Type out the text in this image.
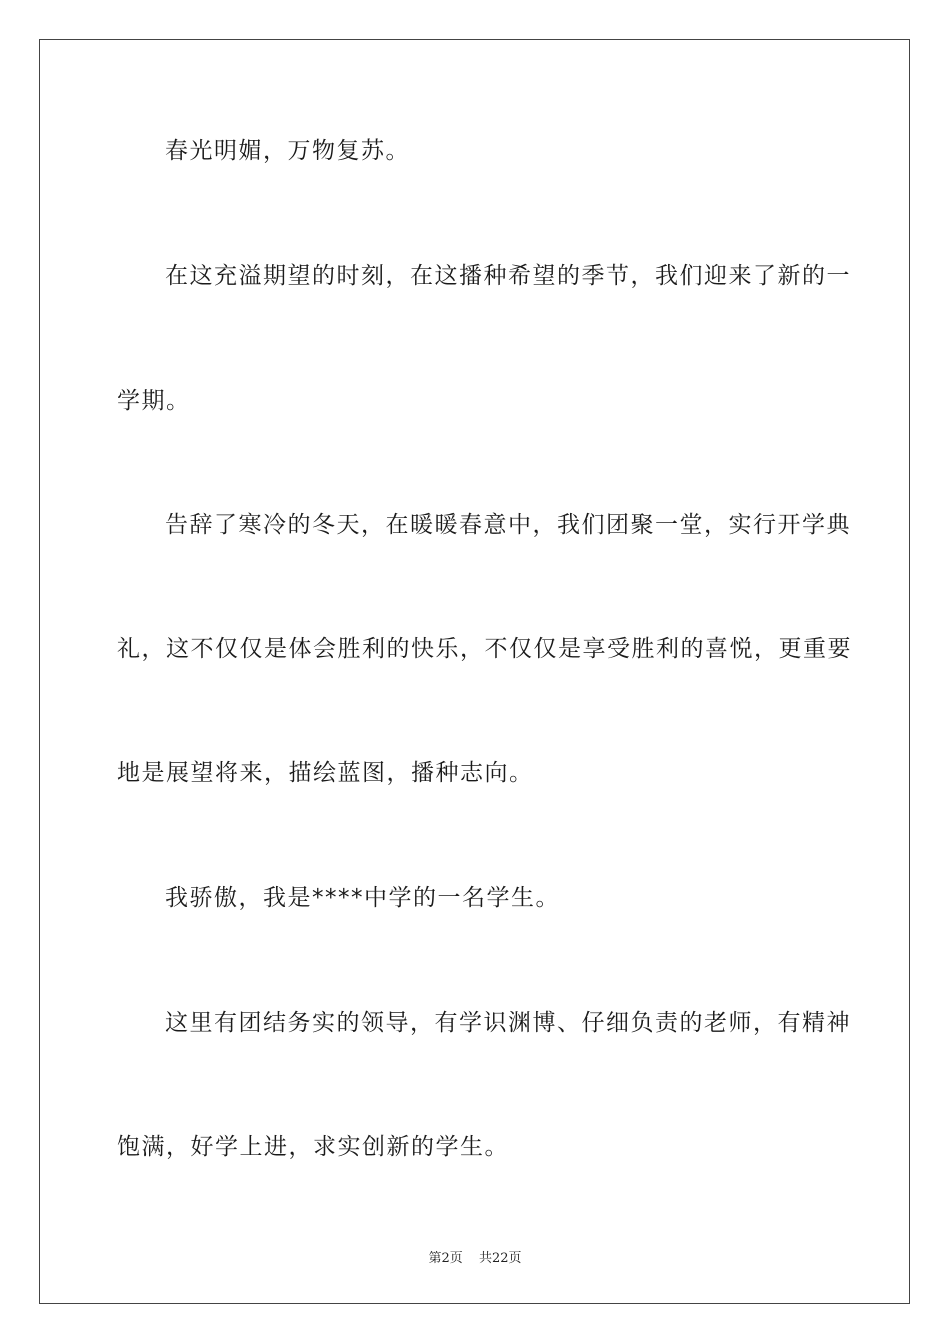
春光明媚，万物复苏。
在这充溢期望的时刻，在这播种希望的季节，我们迎来了新的一
学期。
告辞了寒冷的冬天，在暖暖春意中，我们团聚一堂，实行开学典
礼，这不仅仅是体会胜利的快乐，不仅仅是享受胜利的喜悦，更重要
地是展望将来，描绘蓝图，播种志向。
我骄傲，我是****中学的一名学生。
这里有团结务实的领导，有学识渊博、仔细负责的老师，有精神
饱满，好学上进，求实创新的学生。
第2页 共22页
